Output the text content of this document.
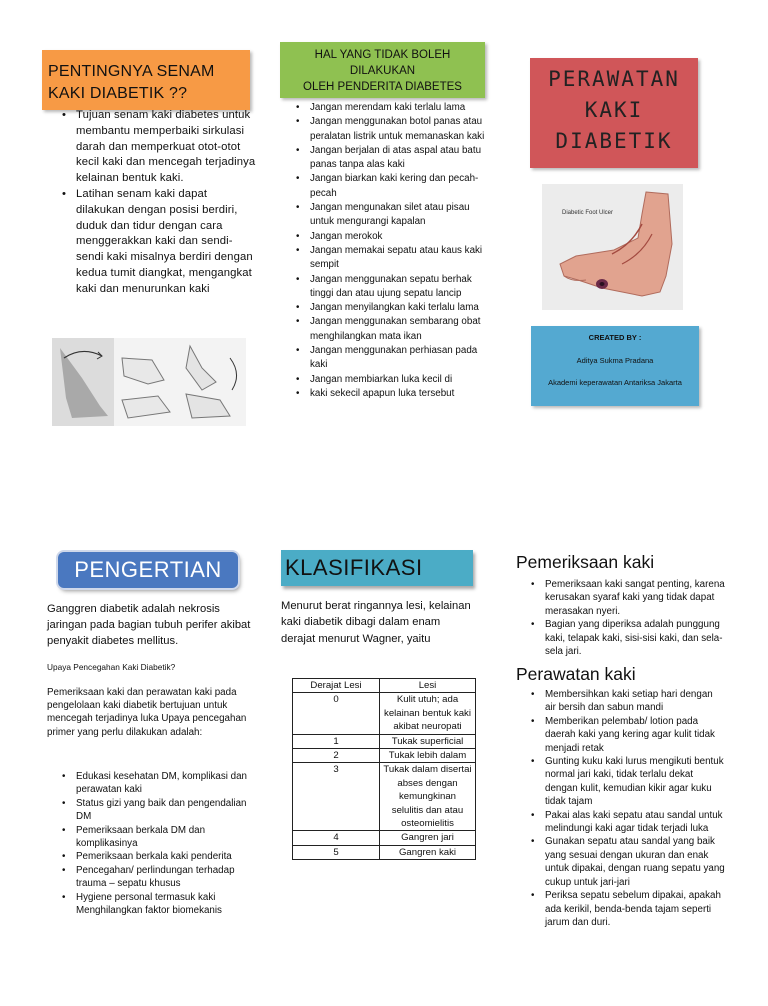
PENTINGNYA SENAM
KAKI DIABETIK ??
• Tujuan senam kaki diabetes untuk membantu memperbaiki sirkulasi darah dan memperkuat otot-otot kecil kaki dan mencegah terjadinya kelainan bentuk kaki.
• Latihan senam kaki dapat dilakukan dengan posisi berdiri, duduk dan tidur dengan cara menggerakkan kaki dan sendi-sendi kaki misalnya berdiri dengan kedua tumit diangkat, mengangkat kaki dan menurunkan kaki
HAL YANG TIDAK BOLEH
DILAKUKAN
OLEH PENDERITA DIABETES
• Jangan merendam kaki terlalu lama
• Jangan menggunakan botol panas atau peralatan listrik untuk memanaskan kaki
• Jangan berjalan di atas aspal atau batu panas tanpa alas kaki
• Jangan biarkan kaki kering dan pecah-pecah
• Jangan mengunakan silet atau pisau untuk mengurangi kapalan
• Jangan merokok
• Jangan memakai sepatu atau kaus kaki sempit
• Jangan menggunakan sepatu berhak tinggi dan atau ujung sepatu lancip
• Jangan menyilangkan kaki terlalu lama
• Jangan menggunakan sembarang obat menghilangkan mata ikan
• Jangan menggunakan perhiasan pada kaki
• Jangan membiarkan luka kecil di
• kaki sekecil apapun luka tersebut
PERAWATAN
KAKI
DIABETIK
Diabetic Foot Ulcer
CREATED BY :
Aditya Sukma Pradana
Akademi keperawatan Antariksa Jakarta
PENGERTIAN
Ganggren diabetik adalah nekrosis jaringan pada bagian tubuh perifer akibat penyakit diabetes mellitus.
Upaya Pencegahan Kaki Diabetik?
Pemeriksaan kaki dan perawatan kaki pada pengelolaan kaki diabetik bertujuan untuk mencegah terjadinya luka Upaya pencegahan primer yang perlu dilakukan adalah:
• Edukasi kesehatan DM, komplikasi dan perawatan kaki
• Status gizi yang baik dan pengendalian DM
• Pemeriksaan berkala DM dan komplikasinya
• Pemeriksaan berkala kaki penderita
• Pencegahan/ perlindungan terhadap trauma – sepatu khusus
• Hygiene personal termasuk kaki Menghilangkan faktor biomekanis
KLASIFIKASI
Menurut berat ringannya lesi, kelainan kaki diabetik dibagi dalam enam derajat menurut Wagner, yaitu
Derajat Lesi	Lesi
0	Kulit utuh; ada kelainan bentuk kaki akibat neuropati
1	Tukak superficial
2	Tukak lebih dalam
3	Tukak dalam disertai abses dengan kemungkinan selulitis dan atau osteomielitis
4	Gangren jari
5	Gangren kaki
Pemeriksaan kaki
• Pemeriksaan kaki sangat penting, karena kerusakan syaraf kaki yang tidak dapat merasakan nyeri.
• Bagian yang diperiksa adalah punggung kaki, telapak kaki, sisi-sisi kaki, dan sela-sela jari.
Perawatan kaki
• Membersihkan kaki setiap hari dengan air bersih dan sabun mandi
• Memberikan pelembab/ lotion pada daerah kaki yang kering agar kulit tidak menjadi retak
• Gunting kuku kaki lurus mengikuti bentuk normal jari kaki, tidak terlalu dekat dengan kulit, kemudian kikir agar kuku tidak tajam
• Pakai alas kaki sepatu atau sandal untuk melindungi kaki agar tidak terjadi luka
• Gunakan sepatu atau sandal yang baik yang sesuai dengan ukuran dan enak untuk dipakai, dengan ruang sepatu yang cukup untuk jari-jari
• Periksa sepatu sebelum dipakai, apakah ada kerikil, benda-benda tajam seperti jarum dan duri.
